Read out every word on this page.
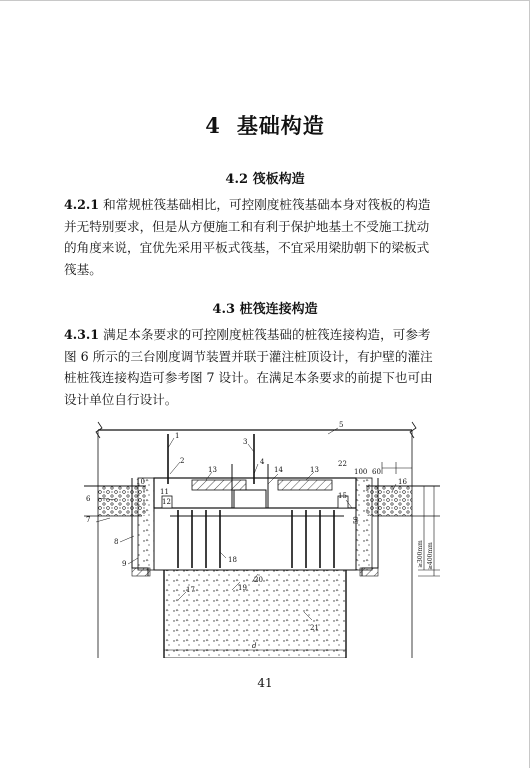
4 基础构造
4.2 筏板构造
4.2.1 和常规桩筏基础相比，可控刚度桩筏基础本身对筏板的构造
并无特别要求，但是从方便施工和有利于保护地基土不受施工扰动
的角度来说，宜优先采用平板式筏基，不宜采用梁肋朝下的梁板式
筏基。
4.3 桩筏连接构造
4.3.1 满足本条要求的可控刚度桩筏基础的桩筏连接构造，可参考
图 6 所示的三台刚度调节装置并联于灌注桩顶设计，有护壁的灌注
桩桩筏连接构造可参考图 7 设计。在满足本条要求的前提下也可由
设计单位自行设计。
1
2
3
4
5
6
7
8
9
10
11
12
13	13
14
15
16
17
18
19
20
21
22
100 60
50
≥300mm ≥400mm
d
41
